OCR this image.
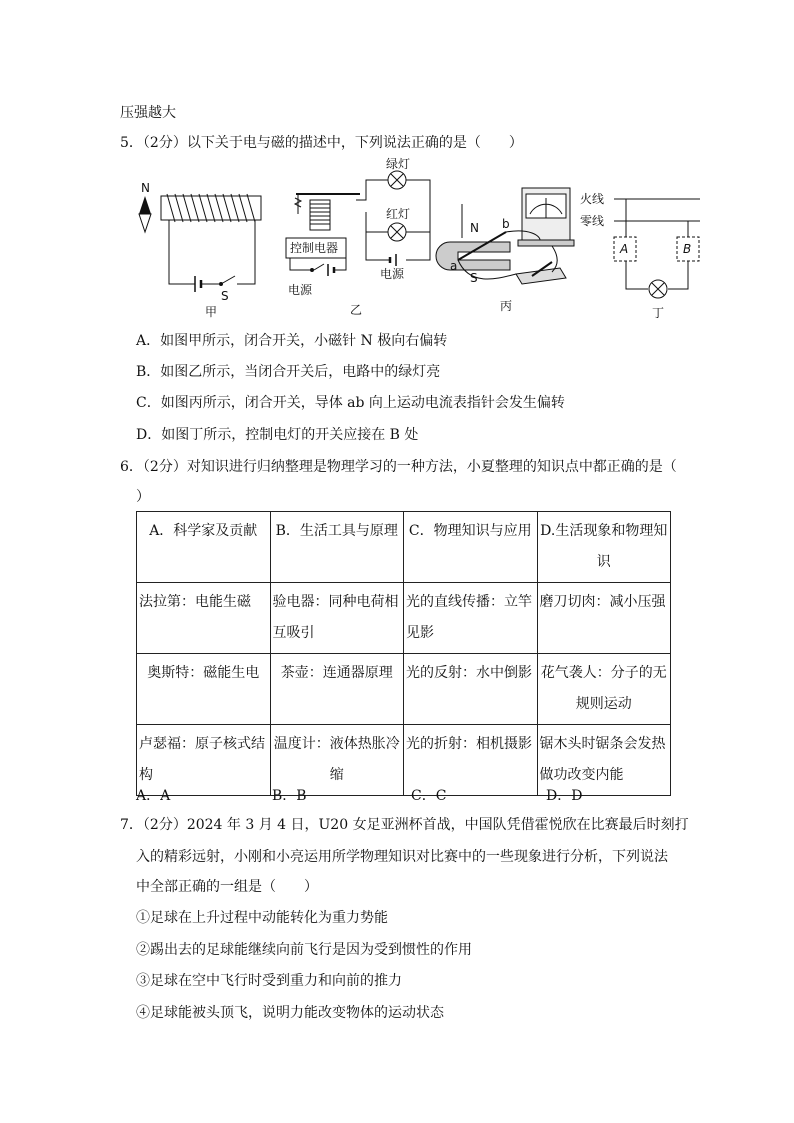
压强越大
5．（2分）以下关于电与磁的描述中，下列说法正确的是（　　）
N
S
甲
绿灯
红灯
电源
控制电器
电源
乙
N
a
b
S
丙
火线
零线
A	B
丁
A．如图甲所示，闭合开关，小磁针 N 极向右偏转
B．如图乙所示，当闭合开关后，电路中的绿灯亮
C．如图丙所示，闭合开关，导体 ab 向上运动电流表指针会发生偏转
D．如图丁所示，控制电灯的开关应接在 B 处
6．（2分）对知识进行归纳整理是物理学习的一种方法，小夏整理的知识点中都正确的是（
）
A．科学家及贡献	B．生活工具与原理	C．物理知识与应用	D.生活现象和物理知识
法拉第：电能生磁	验电器：同种电荷相互吸引	光的直线传播：立竿见影	磨刀切肉：减小压强
奥斯特：磁能生电	茶壶：连通器原理	光的反射：水中倒影	花气袭人：分子的无规则运动
卢瑟福：原子核式结构	温度计：液体热胀冷缩	光的折射：相机摄影	锯木头时锯条会发热做功改变内能
A．A	B．B	C．C	D．D
7．（2分）2024 年 3 月 4 日，U20 女足亚洲杯首战，中国队凭借霍悦欣在比赛最后时刻打
入的精彩远射，小刚和小亮运用所学物理知识对比赛中的一些现象进行分析，下列说法
中全部正确的一组是（　　）
①足球在上升过程中动能转化为重力势能
②踢出去的足球能继续向前飞行是因为受到惯性的作用
③足球在空中飞行时受到重力和向前的推力
④足球能被头顶飞，说明力能改变物体的运动状态
